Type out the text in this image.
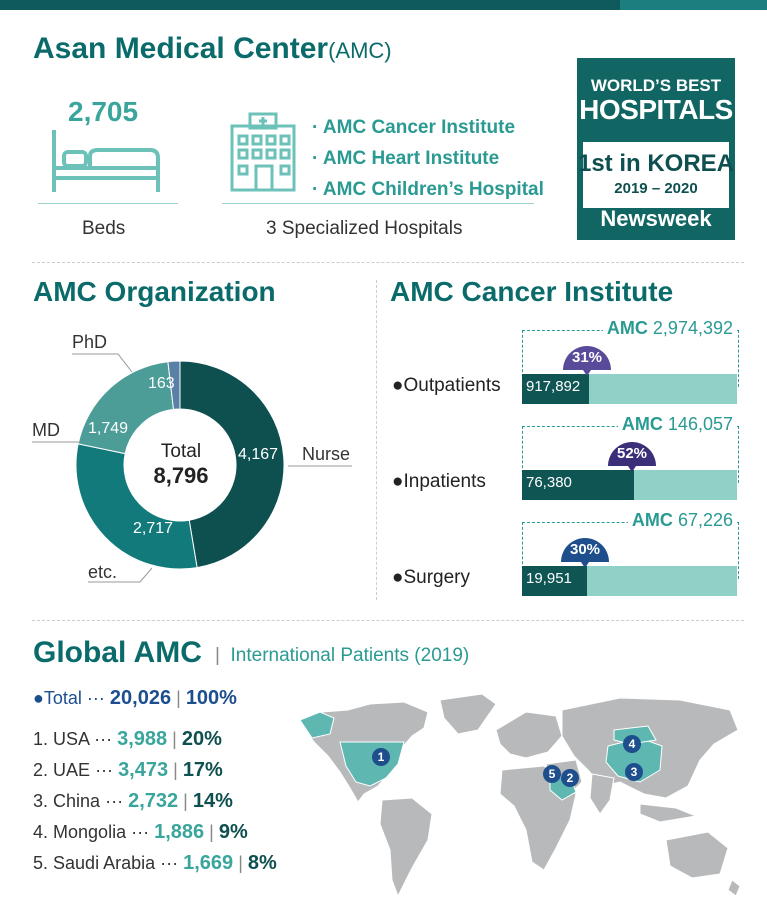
Asan Medical Center(AMC)
2,705
Beds
· AMC Cancer Institute
· AMC Heart Institute
· AMC Children’s Hospital
3 Specialized Hospitals
WORLD’S BEST
HOSPITALS
1st in KOREA
2019 – 2020
Newsweek
AMC Organization
Total
8,796
4,167
2,717
1,749
163
PhD
MD
Nurse
etc.
AMC Cancer Institute
AMC 2,974,392
917,892
31%
●Outpatients
AMC 146,057
76,380
52%
●Inpatients
AMC 67,226
19,951
30%
●Surgery
Global AMC | International Patients (2019)
●Total ··· 20,026 | 100%
1. USA ··· 3,988 | 20%
2. UAE ··· 3,473 | 17%
3. China ··· 2,732 | 14%
4. Mongolia ··· 1,886 | 9%
5. Saudi Arabia ··· 1,669 | 8%
1
2	3
4
5
